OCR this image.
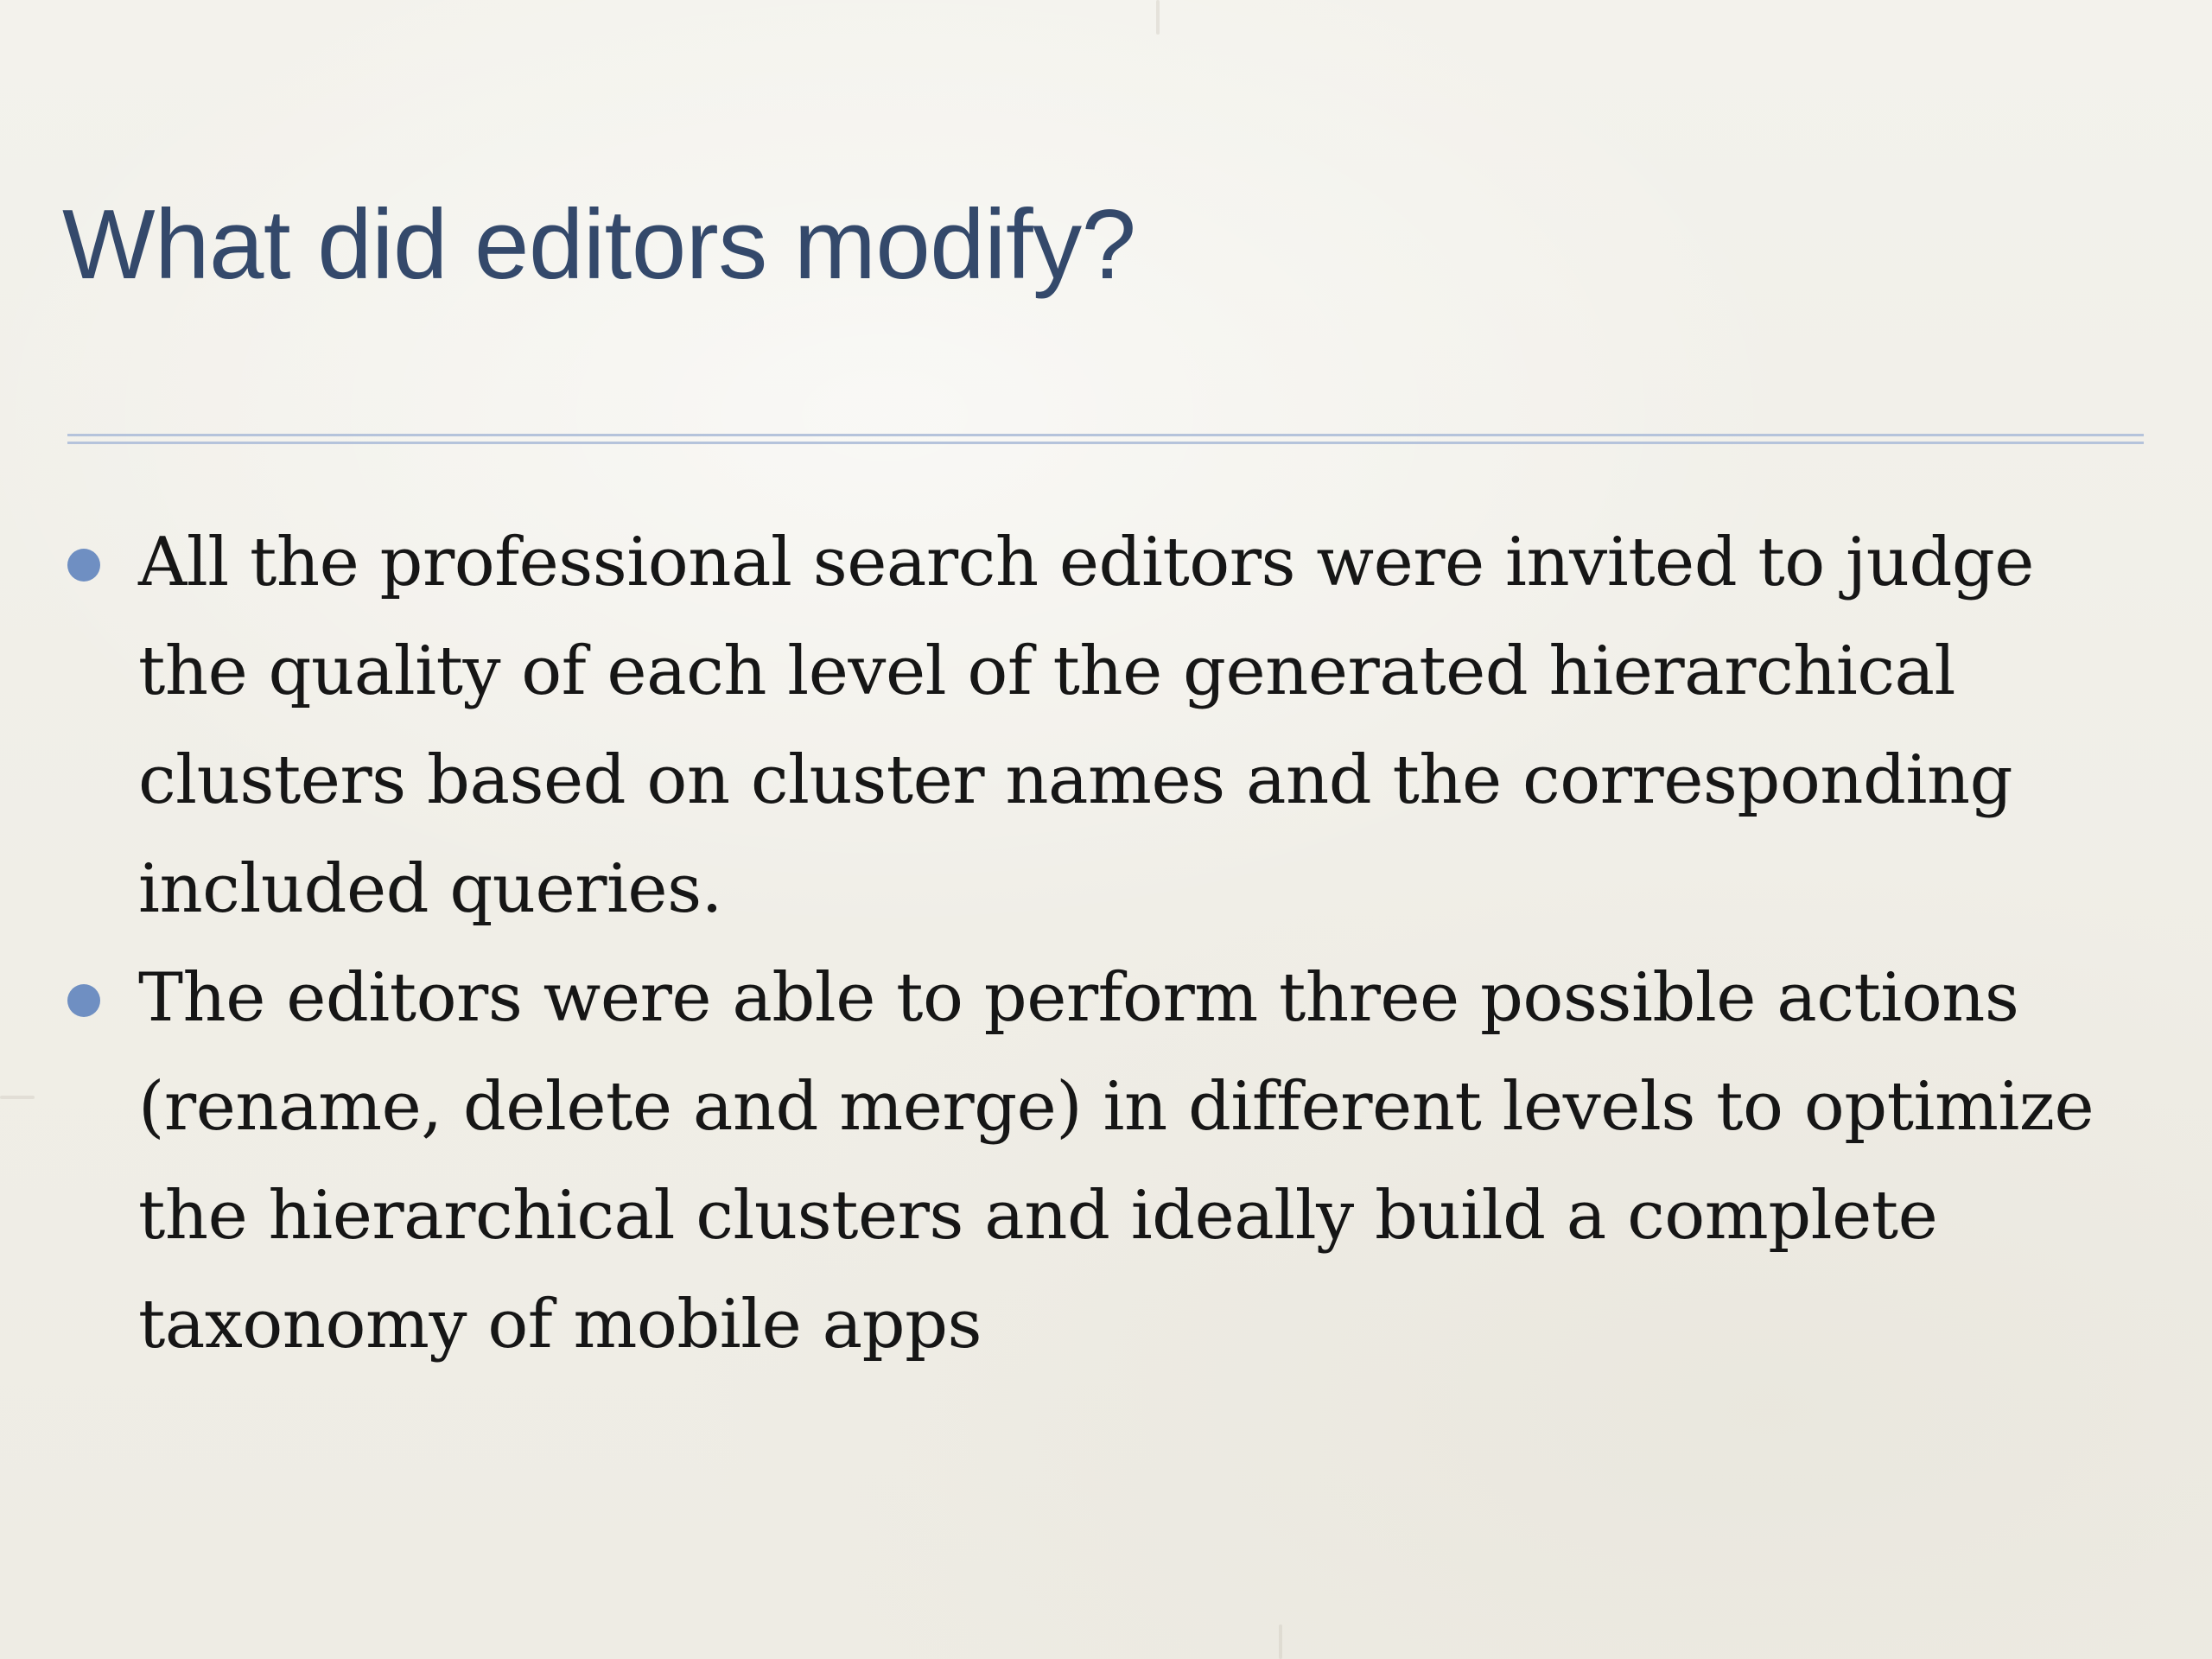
What did editors modify?
All the professional search editors were invited to judge the quality of each level of the generated hierarchical clusters based on cluster names and the corresponding included queries.
The editors were able to perform three possible actions (rename, delete and merge) in different levels to optimize the hierarchical clusters and ideally build a complete taxonomy of mobile apps
